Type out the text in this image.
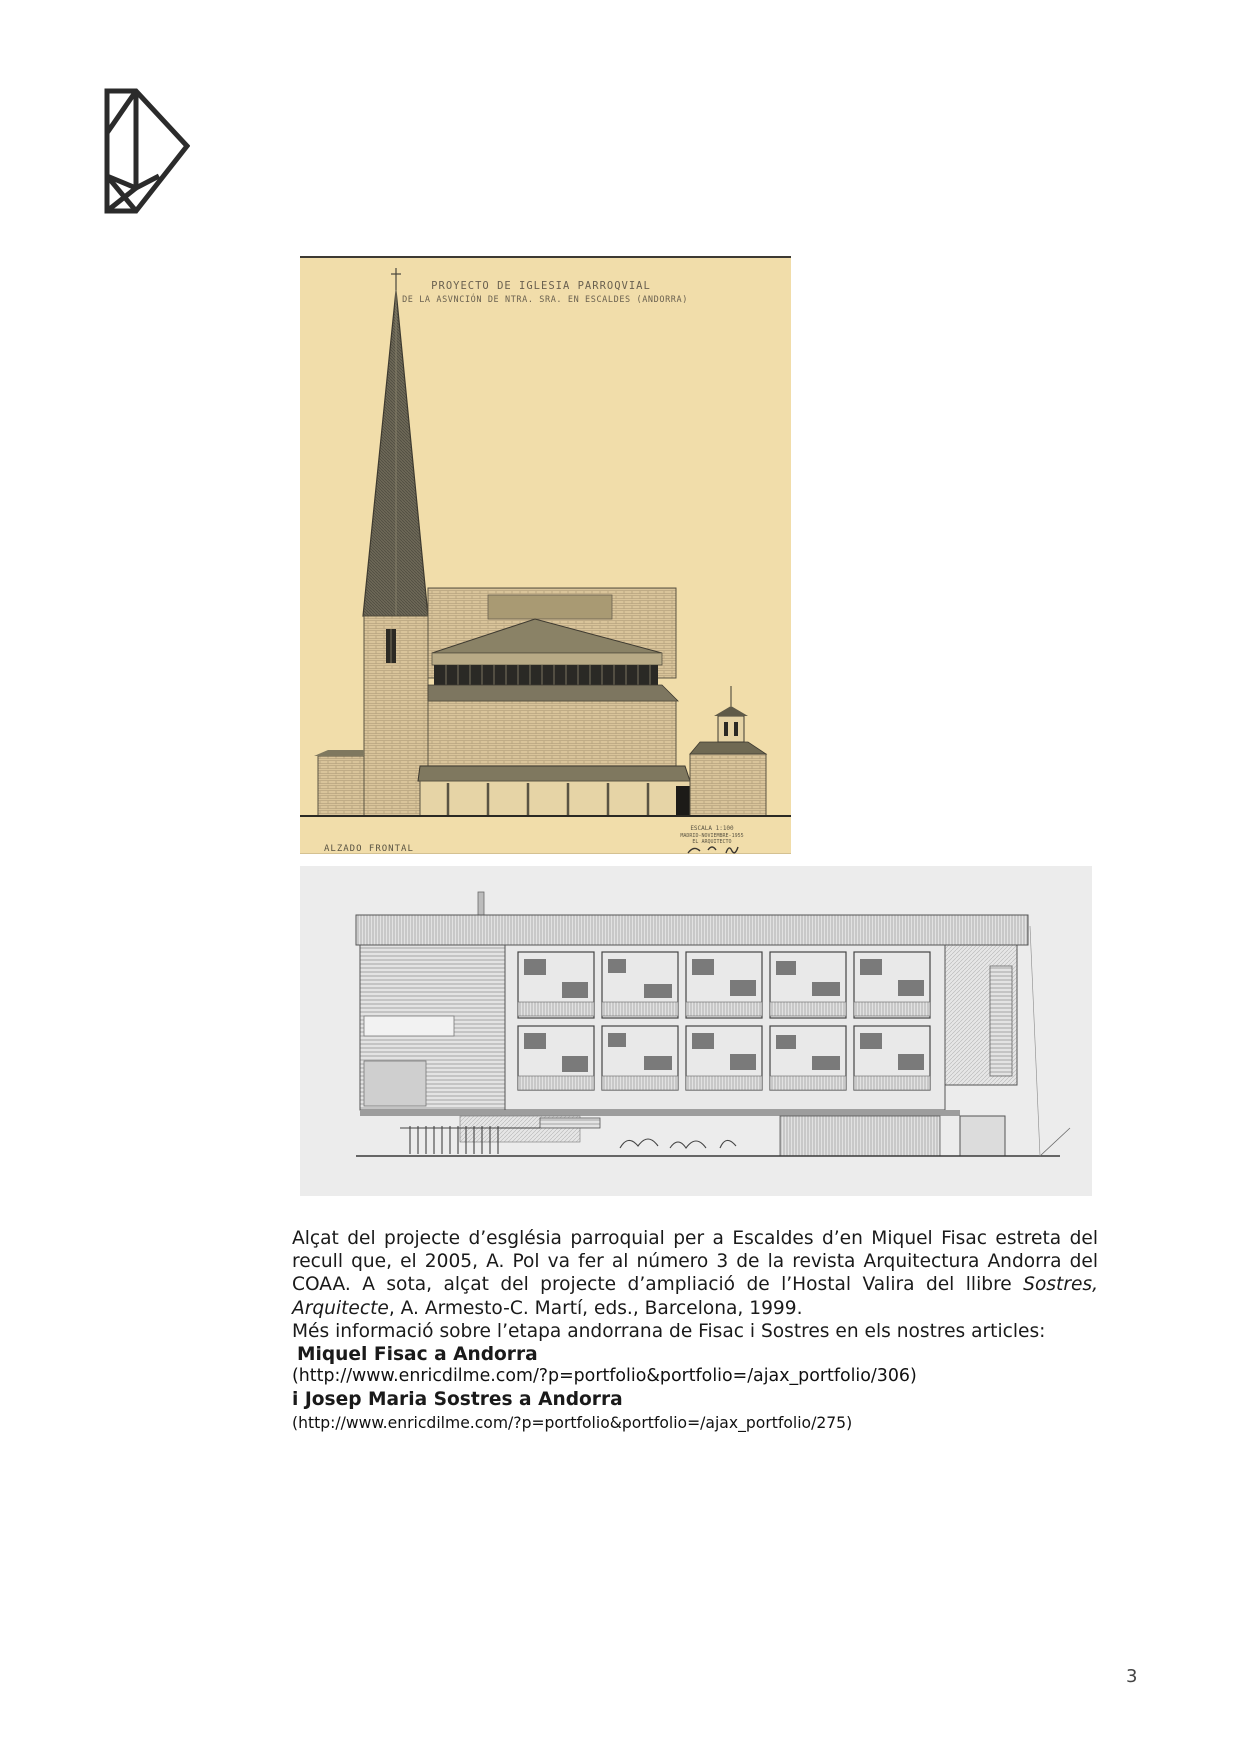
PROYECTO DE IGLESIA PARROQVIAL
DE LA ASVNCIÓN DE NTRA. SRA. EN ESCALDES (ANDORRA)
ALZADO FRONTAL
ESCALA 1:100
MADRID-NOVIEMBRE-1955
EL ARQUITECTO

Alçat del projecte d’església parroquial per a Escaldes d’en Miquel Fisac estreta del recull que, el 2005, A. Pol va fer al número 3 de la revista Arquitectura Andorra del COAA. A sota, alçat del projecte d’ampliació de l’Hostal Valira del llibre Sostres, Arquitecte, A. Armesto-C. Martí, eds., Barcelona, 1999.

Més informació sobre l’etapa andorrana de Fisac i Sostres en els nostres articles:

Miquel Fisac a Andorra
(http://www.enricdilme.com/?p=portfolio&portfolio=/ajax_portfolio/306)
i Josep Maria Sostres a Andorra
(http://www.enricdilme.com/?p=portfolio&portfolio=/ajax_portfolio/275)
3
